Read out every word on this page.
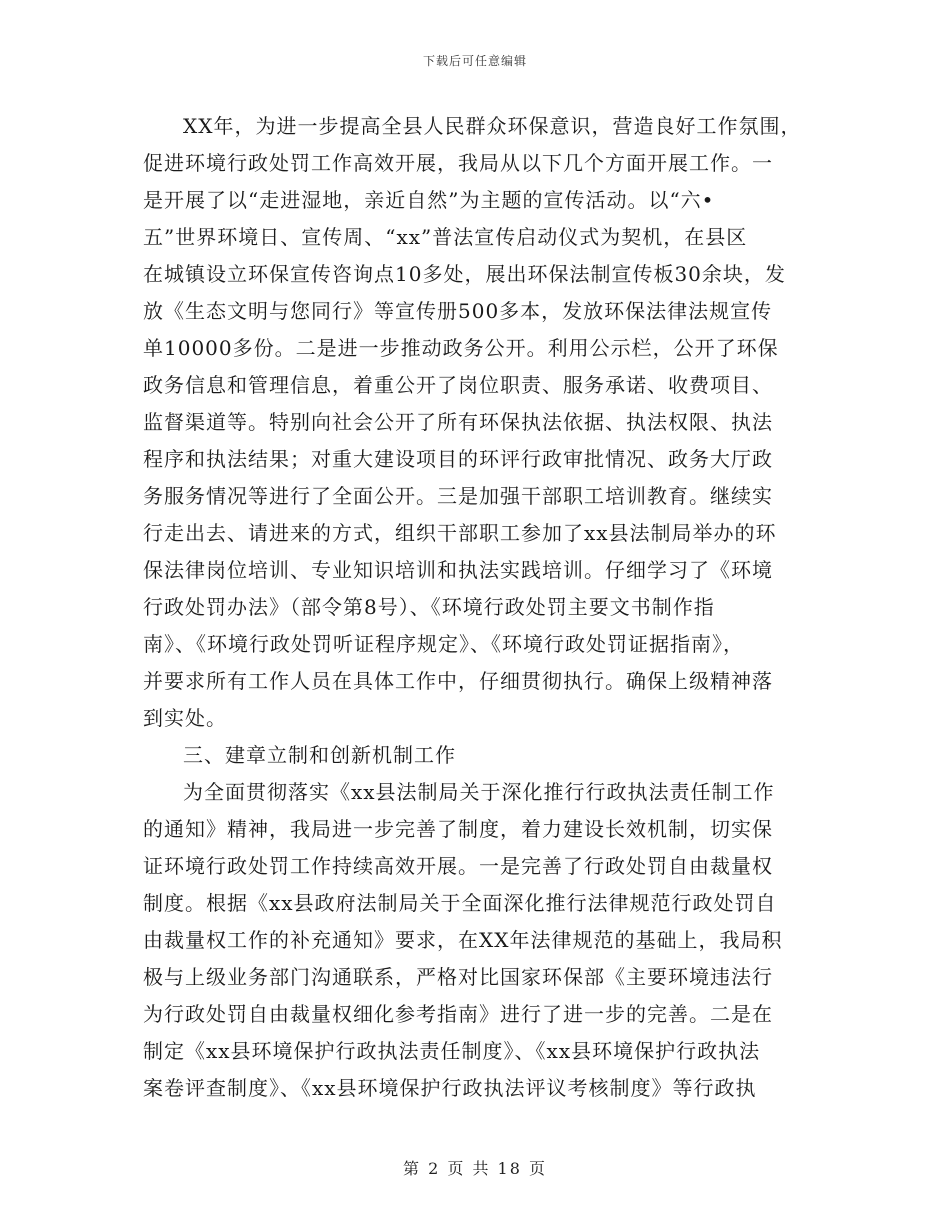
下载后可任意编辑
XX年，为进一步提高全县人民群众环保意识，营造良好工作氛围，
促进环境行政处罚工作高效开展，我局从以下几个方面开展工作。一
是开展了以“走进湿地，亲近自然”为主题的宣传活动。以“六•
五”世界环境日、宣传周、“xx”普法宣传启动仪式为契机，在县区
在城镇设立环保宣传咨询点10多处，展出环保法制宣传板30余块，发
放《生态文明与您同行》等宣传册500多本，发放环保法律法规宣传
单10000多份。二是进一步推动政务公开。利用公示栏，公开了环保
政务信息和管理信息，着重公开了岗位职责、服务承诺、收费项目、
监督渠道等。特别向社会公开了所有环保执法依据、执法权限、执法
程序和执法结果；对重大建设项目的环评行政审批情况、政务大厅政
务服务情况等进行了全面公开。三是加强干部职工培训教育。继续实
行走出去、请进来的方式，组织干部职工参加了xx县法制局举办的环
保法律岗位培训、专业知识培训和执法实践培训。仔细学习了《环境
行政处罚办法》（部令第8号）、《环境行政处罚主要文书制作指
南》、《环境行政处罚听证程序规定》、《环境行政处罚证据指南》，
并要求所有工作人员在具体工作中，仔细贯彻执行。确保上级精神落
到实处。
三、建章立制和创新机制工作
为全面贯彻落实《xx县法制局关于深化推行行政执法责任制工作
的通知》精神，我局进一步完善了制度，着力建设长效机制，切实保
证环境行政处罚工作持续高效开展。一是完善了行政处罚自由裁量权
制度。根据《xx县政府法制局关于全面深化推行法律规范行政处罚自
由裁量权工作的补充通知》要求，在XX年法律规范的基础上，我局积
极与上级业务部门沟通联系，严格对比国家环保部《主要环境违法行
为行政处罚自由裁量权细化参考指南》进行了进一步的完善。二是在
制定《xx县环境保护行政执法责任制度》、《xx县环境保护行政执法
案卷评查制度》、《xx县环境保护行政执法评议考核制度》等行政执
第 2 页 共 18 页
